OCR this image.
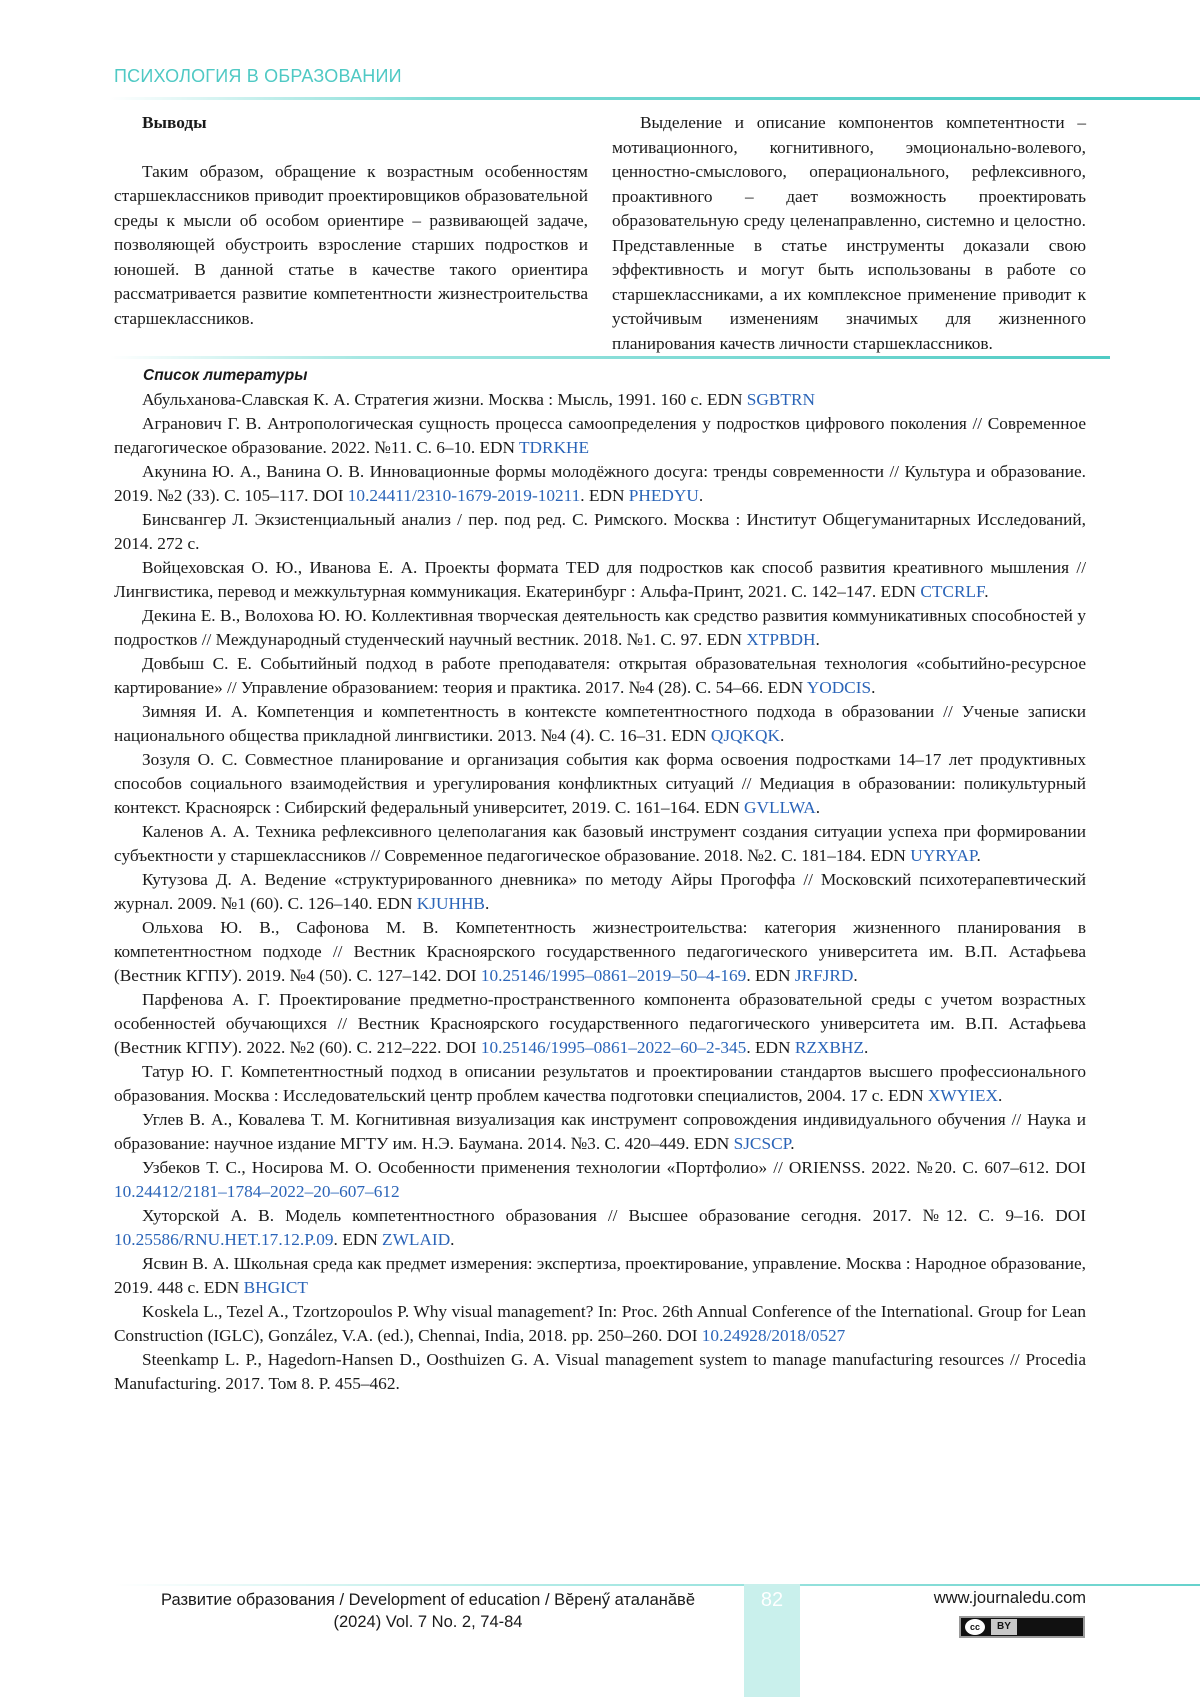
ПСИХОЛОГИЯ В ОБРАЗОВАНИИ
Выводы

Таким образом, обращение к возрастным особенностям старшеклассников приводит проектировщиков образовательной среды к мысли об особом ориентире – развивающей задаче, позволяющей обустроить взросление старших подростков и юношей. В данной статье в качестве такого ориентира рассматривается развитие компетентности жизнестроительства старшеклассников.

Выделение и описание компонентов компетентности – мотивационного, когнитивного, эмоционально-волевого, ценностно-смыслового, операционального, рефлексивного, проактивного – дает возможность проектировать образовательную среду целенаправленно, системно и целостно. Представленные в статье инструменты доказали свою эффективность и могут быть использованы в работе со старшеклассниками, а их комплексное применение приводит к устойчивым изменениям значимых для жизненного планирования качеств личности старшеклассников.

Список литературы

Абульханова-Славская К. А. Стратегия жизни. Москва : Мысль, 1991. 160 с. EDN SGBTRN

Агранович Г. В. Антропологическая сущность процесса самоопределения у подростков цифрового поколения // Современное педагогическое образование. 2022. №11. С. 6–10. EDN TDRKHE

Акунина Ю. А., Ванина О. В. Инновационные формы молодёжного досуга: тренды современности // Культура и образование. 2019. №2 (33). С. 105–117. DOI 10.24411/2310-1679-2019-10211. EDN PHEDYU.

Бинсвангер Л. Экзистенциальный анализ / пер. под ред. С. Римского. Москва : Институт Общегуманитарных Исследований, 2014. 272 с.

Войцеховская О. Ю., Иванова Е. А. Проекты формата TED для подростков как способ развития креативного мышления // Лингвистика, перевод и межкультурная коммуникация. Екатеринбург : Альфа-Принт, 2021. С. 142–147. EDN CTCRLF.

Декина Е. В., Волохова Ю. Ю. Коллективная творческая деятельность как средство развития коммуникативных способностей у подростков // Международный студенческий научный вестник. 2018. №1. С. 97. EDN XTPBDH.

Довбыш С. Е. Событийный подход в работе преподавателя: открытая образовательная технология «событийно-ресурсное картирование» // Управление образованием: теория и практика. 2017. №4 (28). С. 54–66. EDN YODCIS.

Зимняя И. А. Компетенция и компетентность в контексте компетентностного подхода в образовании // Ученые записки национального общества прикладной лингвистики. 2013. №4 (4). С. 16–31. EDN QJQKQK.

Зозуля О. С. Совместное планирование и организация события как форма освоения подростками 14–17 лет продуктивных способов социального взаимодействия и урегулирования конфликтных ситуаций // Медиация в образовании: поликультурный контекст. Красноярск : Сибирский федеральный университет, 2019. С. 161–164. EDN GVLLWA.

Каленов А. А. Техника рефлексивного целеполагания как базовый инструмент создания ситуации успеха при формировании субъектности у старшеклассников // Современное педагогическое образование. 2018. №2. С. 181–184. EDN UYRYAP.

Кутузова Д. А. Ведение «структурированного дневника» по методу Айры Прогоффа // Московский психотерапевтический журнал. 2009. №1 (60). С. 126–140. EDN KJUHHB.

Ольхова Ю. В., Сафонова М. В. Компетентность жизнестроительства: категория жизненного планирования в компетентностном подходе // Вестник Красноярского государственного педагогического университета им. В.П. Астафьева (Вестник КГПУ). 2019. №4 (50). С. 127–142. DOI 10.25146/1995–0861–2019–50–4-169. EDN JRFJRD.

Парфенова А. Г. Проектирование предметно-пространственного компонента образовательной среды с учетом возрастных особенностей обучающихся // Вестник Красноярского государственного педагогического университета им. В.П. Астафьева (Вестник КГПУ). 2022. №2 (60). С. 212–222. DOI 10.25146/1995–0861–2022–60–2-345. EDN RZXBHZ.

Татур Ю. Г. Компетентностный подход в описании результатов и проектировании стандартов высшего профессионального образования. Москва : Исследовательский центр проблем качества подготовки специалистов, 2004. 17 с. EDN XWYIEX.

Углев В. А., Ковалева Т. М. Когнитивная визуализация как инструмент сопровождения индивидуального обучения // Наука и образование: научное издание МГТУ им. Н.Э. Баумана. 2014. №3. С. 420–449. EDN SJCSCP.

Узбеков Т. С., Носирова М. О. Особенности применения технологии «Портфолио» // ORIENSS. 2022. №20. С. 607–612. DOI 10.24412/2181–1784–2022–20–607–612

Хуторской А. В. Модель компетентностного образования // Высшее образование сегодня. 2017. №12. С. 9–16. DOI 10.25586/RNU.HET.17.12.P.09. EDN ZWLAID.

Ясвин В. А. Школьная среда как предмет измерения: экспертиза, проектирование, управление. Москва : Народное образование, 2019. 448 с. EDN BHGICT

Koskela L., Tezel A., Tzortzopoulos P. Why visual management? In: Proc. 26th Annual Conference of the International. Group for Lean Construction (IGLC), González, V.A. (ed.), Chennai, India, 2018. pp. 250–260. DOI 10.24928/2018/0527

Steenkamp L. P., Hagedorn-Hansen D., Oosthuizen G. A. Visual management system to manage manufacturing resources // Procedia Manufacturing. 2017. Том 8. P. 455–462.

82
Развитие образования / Development of education / Вĕренӳ аталанăвĕ
(2024) Vol. 7 No. 2, 74-84
www.journaledu.com
cc	BY
